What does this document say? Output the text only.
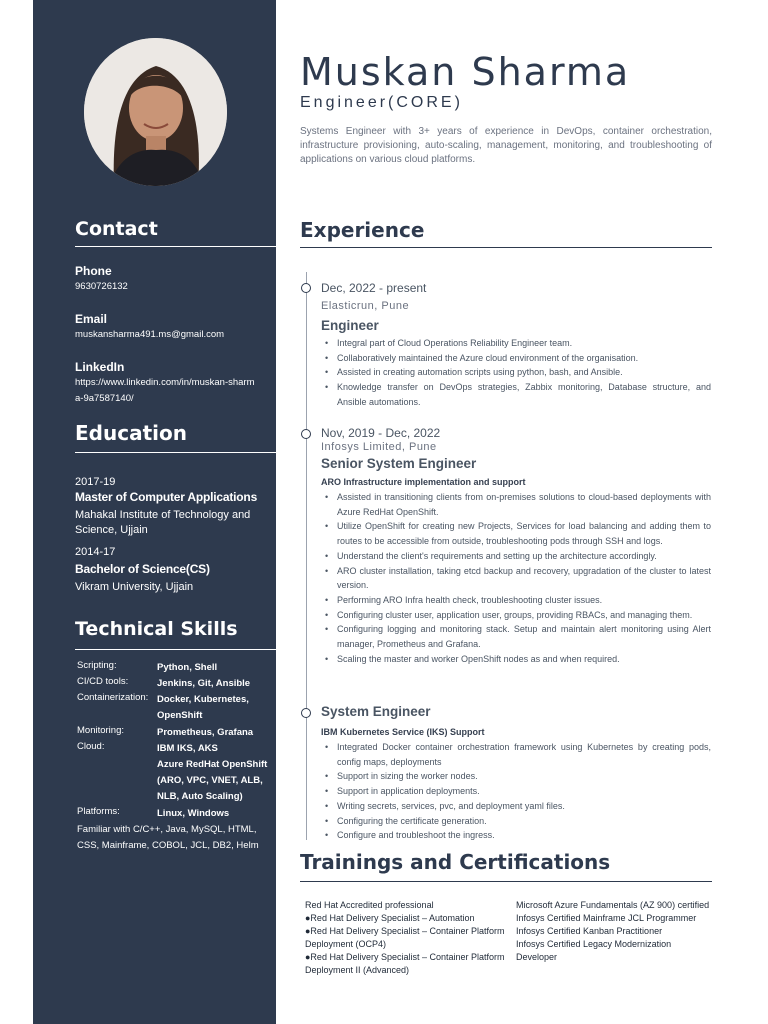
Contact
Phone
9630726132
Email
muskansharma491.ms@gmail.com
LinkedIn
https://www.linkedin.com/in/muskan-sharma-9a7587140/
Education
2017-19
Master of Computer Applications
Mahakal Institute of Technology and Science, Ujjain
2014-17
Bachelor of Science(CS)
Vikram University, Ujjain
Technical Skills
Scripting:	Python, Shell
CI/CD tools:	Jenkins, Git, Ansible
Containerization: Docker, Kubernetes, OpenShift
Monitoring:	Prometheus, Grafana
Cloud:	IBM IKS, AKS
Azure RedHat OpenShift (ARO, VPC, VNET, ALB, NLB, Auto Scaling)
Platforms:	Linux, Windows
Familiar with C/C++, Java, MySQL, HTML, CSS, Mainframe, COBOL, JCL, DB2, Helm
Muskan Sharma
Engineer(CORE)
Systems Engineer with 3+ years of experience in DevOps, container orchestration, infrastructure provisioning, auto-scaling, management, monitoring, and troubleshooting of applications on various cloud platforms.
Experience
Dec, 2022 - present
Elasticrun, Pune
Engineer
• Integral part of Cloud Operations Reliability Engineer team.
• Collaboratively maintained the Azure cloud environment of the organisation.
• Assisted in creating automation scripts using python, bash, and Ansible.
• Knowledge transfer on DevOps strategies, Zabbix monitoring, Database structure, and Ansible automations.
Nov, 2019 - Dec, 2022
Infosys Limited, Pune
Senior System Engineer
ARO Infrastructure implementation and support
• Assisted in transitioning clients from on-premises solutions to cloud-based deployments with Azure RedHat OpenShift.
• Utilize OpenShift for creating new Projects, Services for load balancing and adding them to routes to be accessible from outside, troubleshooting pods through SSH and logs.
• Understand the client's requirements and setting up the architecture accordingly.
• ARO cluster installation, taking etcd backup and recovery, upgradation of the cluster to latest version.
• Performing ARO Infra health check, troubleshooting cluster issues.
• Configuring cluster user, application user, groups, providing RBACs, and managing them.
• Configuring logging and monitoring stack. Setup and maintain alert monitoring using Alert manager, Prometheus and Grafana.
• Scaling the master and worker OpenShift nodes as and when required.
System Engineer
IBM Kubernetes Service (IKS) Support
• Integrated Docker container orchestration framework using Kubernetes by creating pods, config maps, deployments
• Support in sizing the worker nodes.
• Support in application deployments.
• Writing secrets, services, pvc, and deployment yaml files.
• Configuring the certificate generation.
• Configure and troubleshoot the ingress.
Trainings and Certifications
Red Hat Accredited professional
●Red Hat Delivery Specialist – Automation
●Red Hat Delivery Specialist – Container Platform Deployment (OCP4)
●Red Hat Delivery Specialist – Container Platform Deployment II (Advanced)
Microsoft Azure Fundamentals (AZ 900) certified
Infosys Certified Mainframe JCL Programmer
Infosys Certified Kanban Practitioner
Infosys Certified Legacy Modernization Developer
